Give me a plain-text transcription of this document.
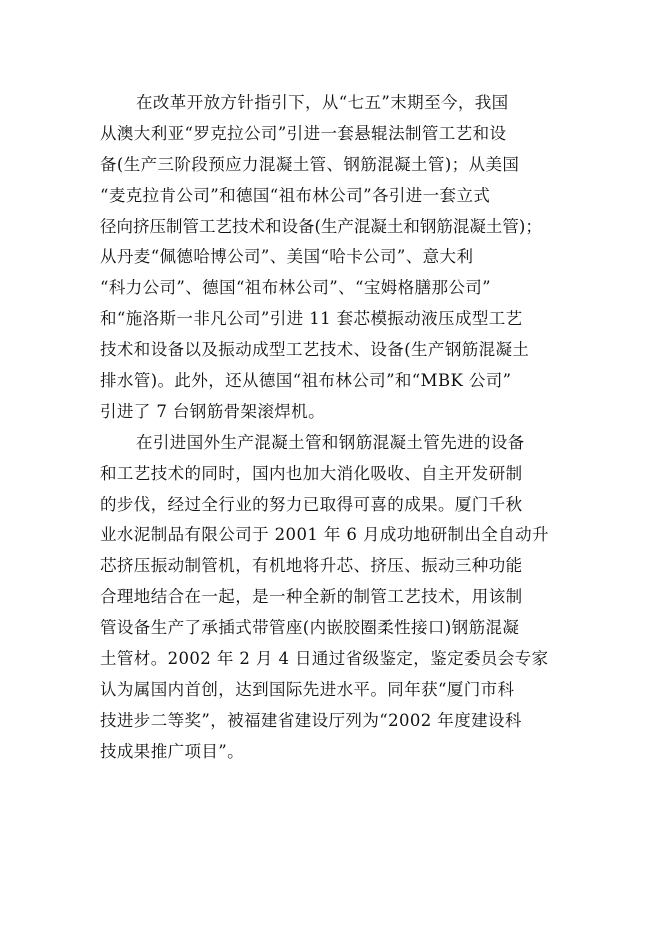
在改革开放方针指引下，从“七五”末期至今，我国
从澳大利亚“罗克拉公司”引进一套悬辊法制管工艺和设
备(生产三阶段预应力混凝土管、钢筋混凝土管)；从美国
“麦克拉肯公司”和德国“祖布林公司”各引进一套立式
径向挤压制管工艺技术和设备(生产混凝土和钢筋混凝土管)；
从丹麦“佩德哈博公司”、美国“哈卡公司”、意大利
“科力公司”、德国“祖布林公司”、“宝姆格膳那公司”
和“施洛斯一非凡公司”引进 11 套芯模振动液压成型工艺
技术和设备以及振动成型工艺技术、设备(生产钢筋混凝土
排水管)。此外，还从德国“祖布林公司”和“MBK 公司”
引进了 7 台钢筋骨架滚焊机。
在引进国外生产混凝土管和钢筋混凝土管先进的设备
和工艺技术的同时，国内也加大消化吸收、自主开发研制
的步伐，经过全行业的努力已取得可喜的成果。厦门千秋
业水泥制品有限公司于 2001 年 6 月成功地研制出全自动升
芯挤压振动制管机，有机地将升芯、挤压、振动三种功能
合理地结合在一起，是一种全新的制管工艺技术，用该制
管设备生产了承插式带管座(内嵌胶圈柔性接口)钢筋混凝
土管材。2002 年 2 月 4 日通过省级鉴定，鉴定委员会专家
认为属国内首创，达到国际先进水平。同年获“厦门市科
技进步二等奖”，被福建省建设厅列为“2002 年度建设科
技成果推广项目”。
